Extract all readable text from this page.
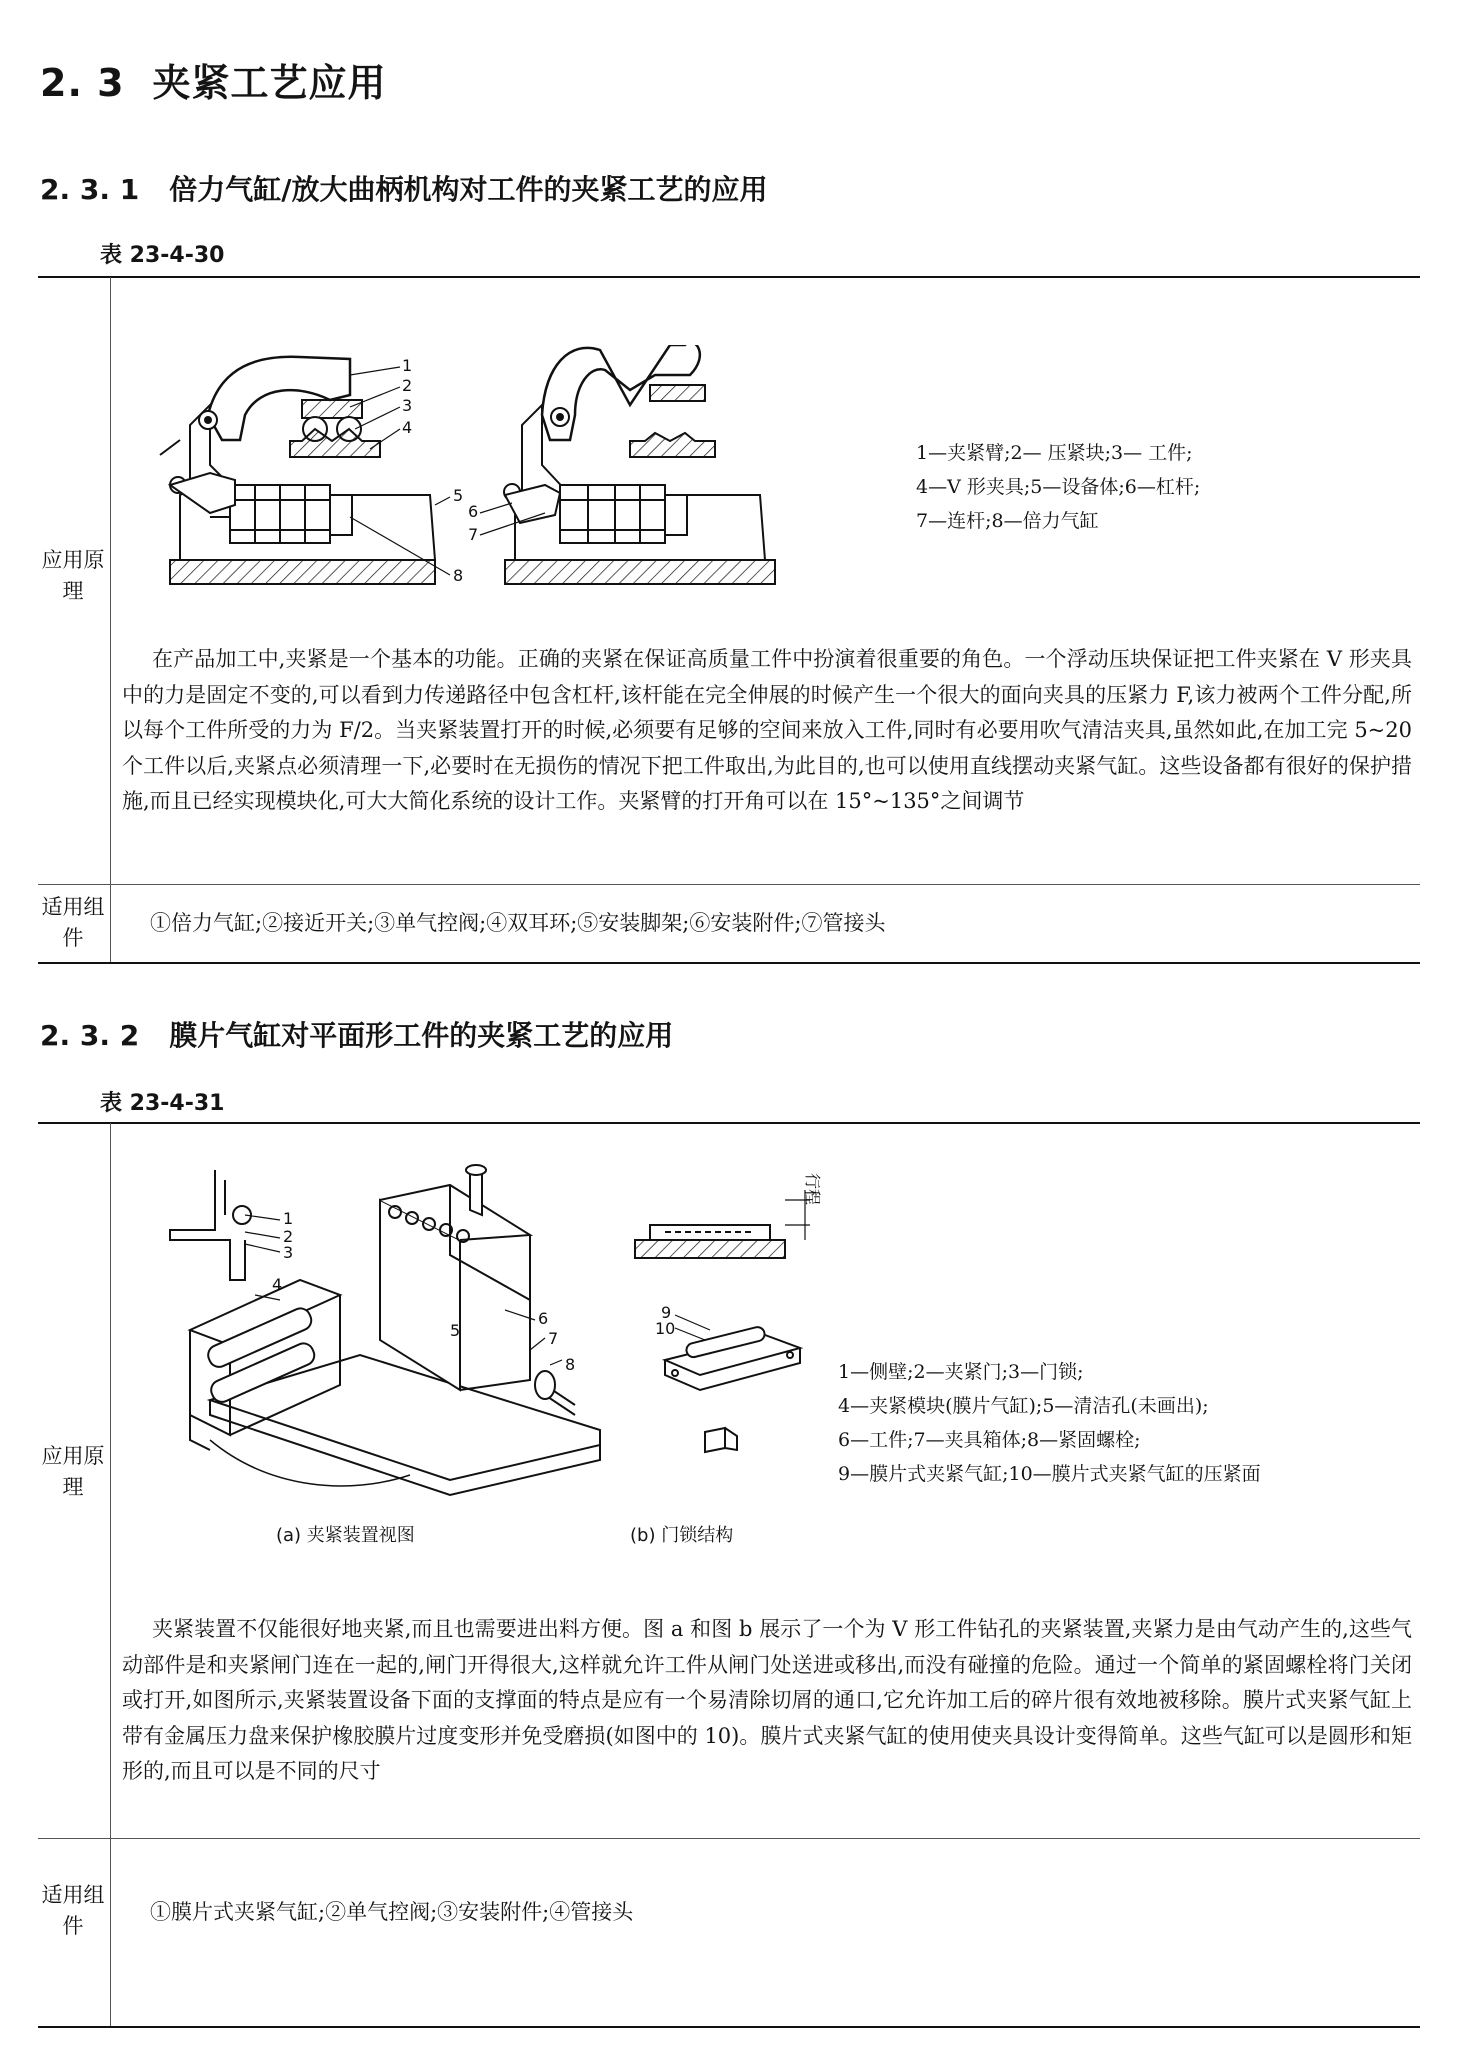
2. 3 夹紧工艺应用
2. 3. 1 倍力气缸/放大曲柄机构对工件的夹紧工艺的应用
表 23-4-30
应用原理
1
2
3
4
5
6
7
8
1—夹紧臂;2— 压紧块;3— 工件;
4—V 形夹具;5—设备体;6—杠杆;
7—连杆;8—倍力气缸
在产品加工中,夹紧是一个基本的功能。正确的夹紧在保证高质量工件中扮演着很重要的角色。一个浮动压块保证把工件夹紧在 V 形夹具中的力是固定不变的,可以看到力传递路径中包含杠杆,该杆能在完全伸展的时候产生一个很大的面向夹具的压紧力 F,该力被两个工件分配,所以每个工件所受的力为 F/2。当夹紧装置打开的时候,必须要有足够的空间来放入工件,同时有必要用吹气清洁夹具,虽然如此,在加工完 5~20 个工件以后,夹紧点必须清理一下,必要时在无损伤的情况下把工件取出,为此目的,也可以使用直线摆动夹紧气缸。这些设备都有很好的保护措施,而且已经实现模块化,可大大简化系统的设计工作。夹紧臂的打开角可以在 15°~135°之间调节
适用组件
①倍力气缸;②接近开关;③单气控阀;④双耳环;⑤安装脚架;⑥安装附件;⑦管接头
2. 3. 2 膜片气缸对平面形工件的夹紧工艺的应用
表 23-4-31
应用原理
1
2
3
4
5
6
7
8
行程
9
10
(a) 夹紧装置视图	(b) 门锁结构
1—侧壁;2—夹紧门;3—门锁;
4—夹紧模块(膜片气缸);5—清洁孔(未画出);
6—工件;7—夹具箱体;8—紧固螺栓;
9—膜片式夹紧气缸;10—膜片式夹紧气缸的压紧面
夹紧装置不仅能很好地夹紧,而且也需要进出料方便。图 a 和图 b 展示了一个为 V 形工件钻孔的夹紧装置,夹紧力是由气动产生的,这些气动部件是和夹紧闸门连在一起的,闸门开得很大,这样就允许工件从闸门处送进或移出,而没有碰撞的危险。通过一个简单的紧固螺栓将门关闭或打开,如图所示,夹紧装置设备下面的支撑面的特点是应有一个易清除切屑的通口,它允许加工后的碎片很有效地被移除。膜片式夹紧气缸上带有金属压力盘来保护橡胶膜片过度变形并免受磨损(如图中的 10)。膜片式夹紧气缸的使用使夹具设计变得简单。这些气缸可以是圆形和矩形的,而且可以是不同的尺寸
适用组件
①膜片式夹紧气缸;②单气控阀;③安装附件;④管接头
